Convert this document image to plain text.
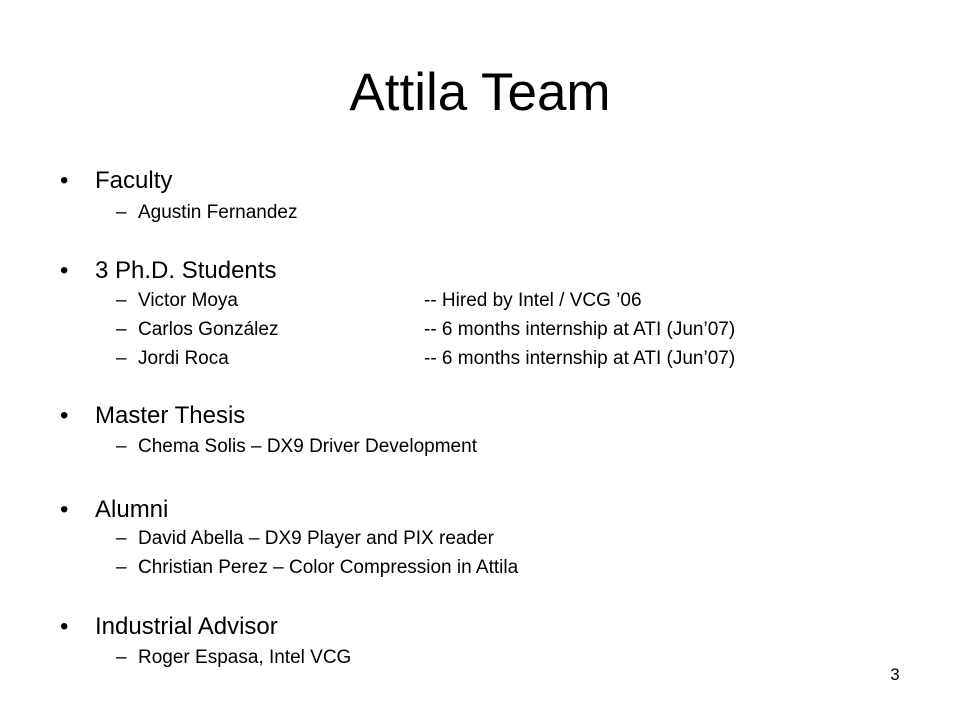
Attila Team
• Faculty
– Agustin Fernandez
• 3 Ph.D. Students
– Victor Moya	-- Hired by Intel / VCG ’06
– Carlos González	-- 6 months internship at ATI (Jun’07)
– Jordi Roca	-- 6 months internship at ATI (Jun’07)
• Master Thesis
– Chema Solis – DX9 Driver Development
• Alumni
– David Abella – DX9 Player and PIX reader
– Christian Perez – Color Compression in Attila
• Industrial Advisor
– Roger Espasa, Intel VCG
3
